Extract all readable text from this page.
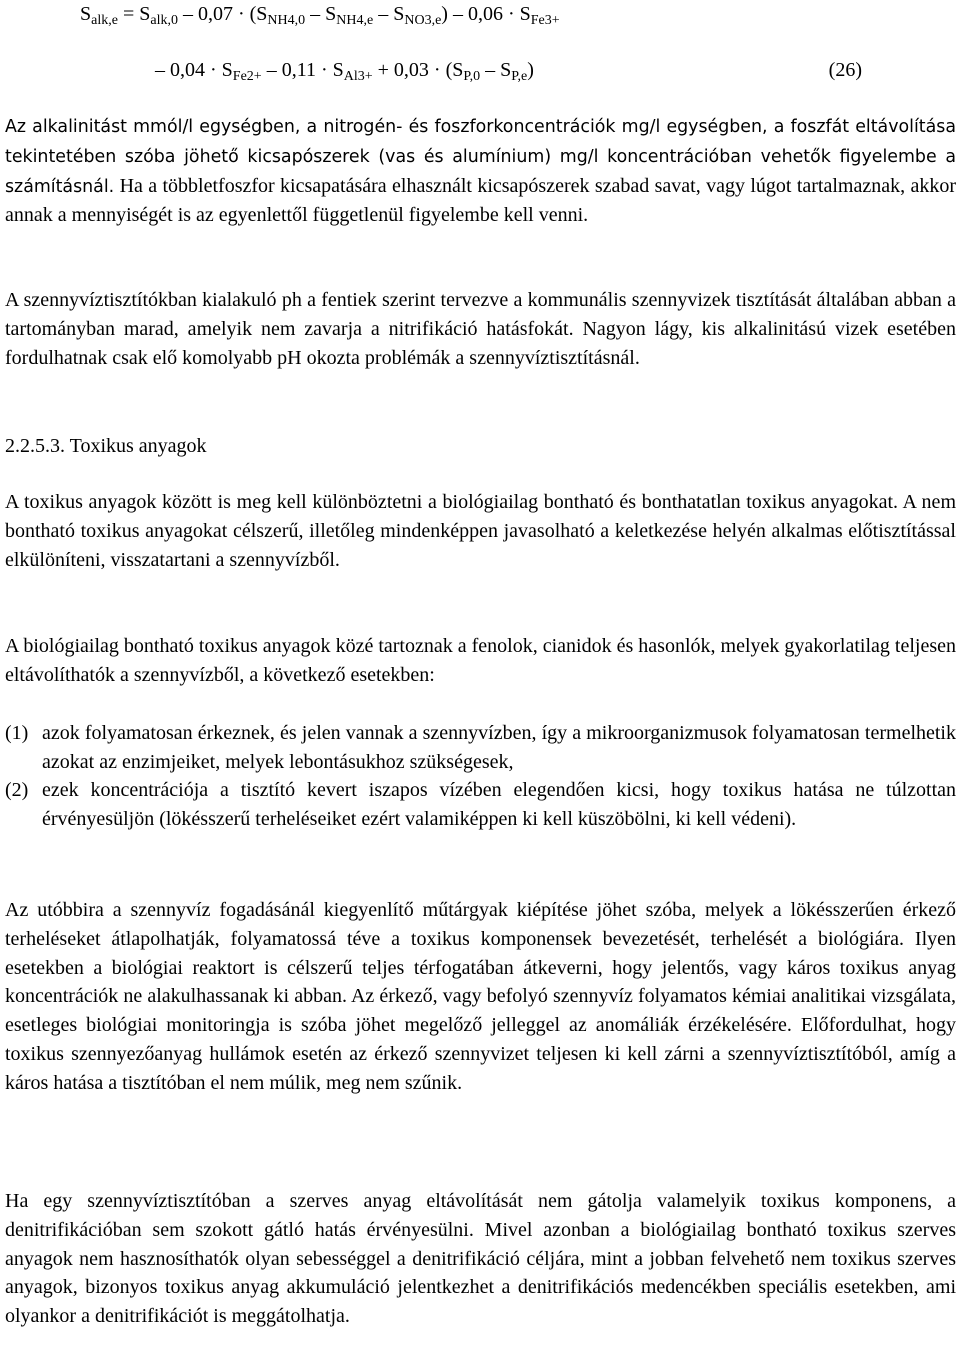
$S_{alk,e} = S_{alk,0} - 0,07 \cdot (S_{NH4,0} - S_{NH4,e} - S_{NO3,e}) - 0,06 \cdot S_{Fe3+}$
– $0,04 \cdot S_{Fe2+} - 0,11 \cdot S_{Al3+} + 0,03 \cdot (S_{P,0} - S_{P,e})$	(26)

Az alkalinitást mmól/l egységben, a nitrogén- és foszforkoncentrációk mg/l egységben, a foszfát eltávolítása tekintetében szóba jöhető kicsapószerek (vas és alumínium) mg/l koncentrációban vehetők figyelembe a számításnál. Ha a többletfoszfor kicsapatására elhasznált kicsapószerek szabad savat, vagy lúgot tartalmaznak, akkor annak a mennyiségét is az egyenlettől függetlenül figyelembe kell venni.

A szennyvíztisztítókban kialakuló ph a fentiek szerint tervezve a kommunális szennyvizek tisztítását általában abban a tartományban marad, amelyik nem zavarja a nitrifikáció hatásfokát. Nagyon lágy, kis alkalinitású vizek esetében fordulhatnak csak elő komolyabb pH okozta problémák a szennyvíztisztításnál.

2.2.5.3. Toxikus anyagok

A toxikus anyagok között is meg kell különböztetni a biológiailag bontható és bonthatatlan toxikus anyagokat. A nem bontható toxikus anyagokat célszerű, illetőleg mindenképpen javasolható a keletkezése helyén alkalmas előtisztítással elkülöníteni, visszatartani a szennyvízből.

A biológiailag bontható toxikus anyagok közé tartoznak a fenolok, cianidok és hasonlók, melyek gyakorlatilag teljesen eltávolíthatók a szennyvízből, a következő esetekben:

(1) azok folyamatosan érkeznek, és jelen vannak a szennyvízben, így a mikroorganizmusok folyamatosan termelhetik azokat az enzimjeiket, melyek lebontásukhoz szükségesek,
(2) ezek koncentrációja a tisztító kevert iszapos vízében elegendően kicsi, hogy toxikus hatása ne túlzottan érvényesüljön (lökésszerű terheléseiket ezért valamiképpen ki kell küszöbölni, ki kell védeni).

Az utóbbira a szennyvíz fogadásánál kiegyenlítő műtárgyak kiépítése jöhet szóba, melyek a lökésszerűen érkező terheléseket átlapolhatják, folyamatossá téve a toxikus komponensek bevezetését, terhelését a biológiára. Ilyen esetekben a biológiai reaktort is célszerű teljes térfogatában átkeverni, hogy jelentős, vagy káros toxikus anyag koncentrációk ne alakulhassanak ki abban. Az érkező, vagy befolyó szennyvíz folyamatos kémiai analitikai vizsgálata, esetleges biológiai monitoringja is szóba jöhet megelőző jelleggel az anomáliák érzékelésére. Előfordulhat, hogy toxikus szennyezőanyag hullámok esetén az érkező szennyvizet teljesen ki kell zárni a szennyvíztisztítóból, amíg a káros hatása a tisztítóban el nem múlik, meg nem szűnik.

Ha egy szennyvíztisztítóban a szerves anyag eltávolítását nem gátolja valamelyik toxikus komponens, a denitrifikációban sem szokott gátló hatás érvényesülni. Mivel azonban a biológiailag bontható toxikus szerves anyagok nem hasznosíthatók olyan sebességgel a denitrifikáció céljára, mint a jobban felvehető nem toxikus szerves anyagok, bizonyos toxikus anyag akkumuláció jelentkezhet a denitrifikációs medencékben speciális esetekben, ami olyankor a denitrifikációt is meggátolhatja.
